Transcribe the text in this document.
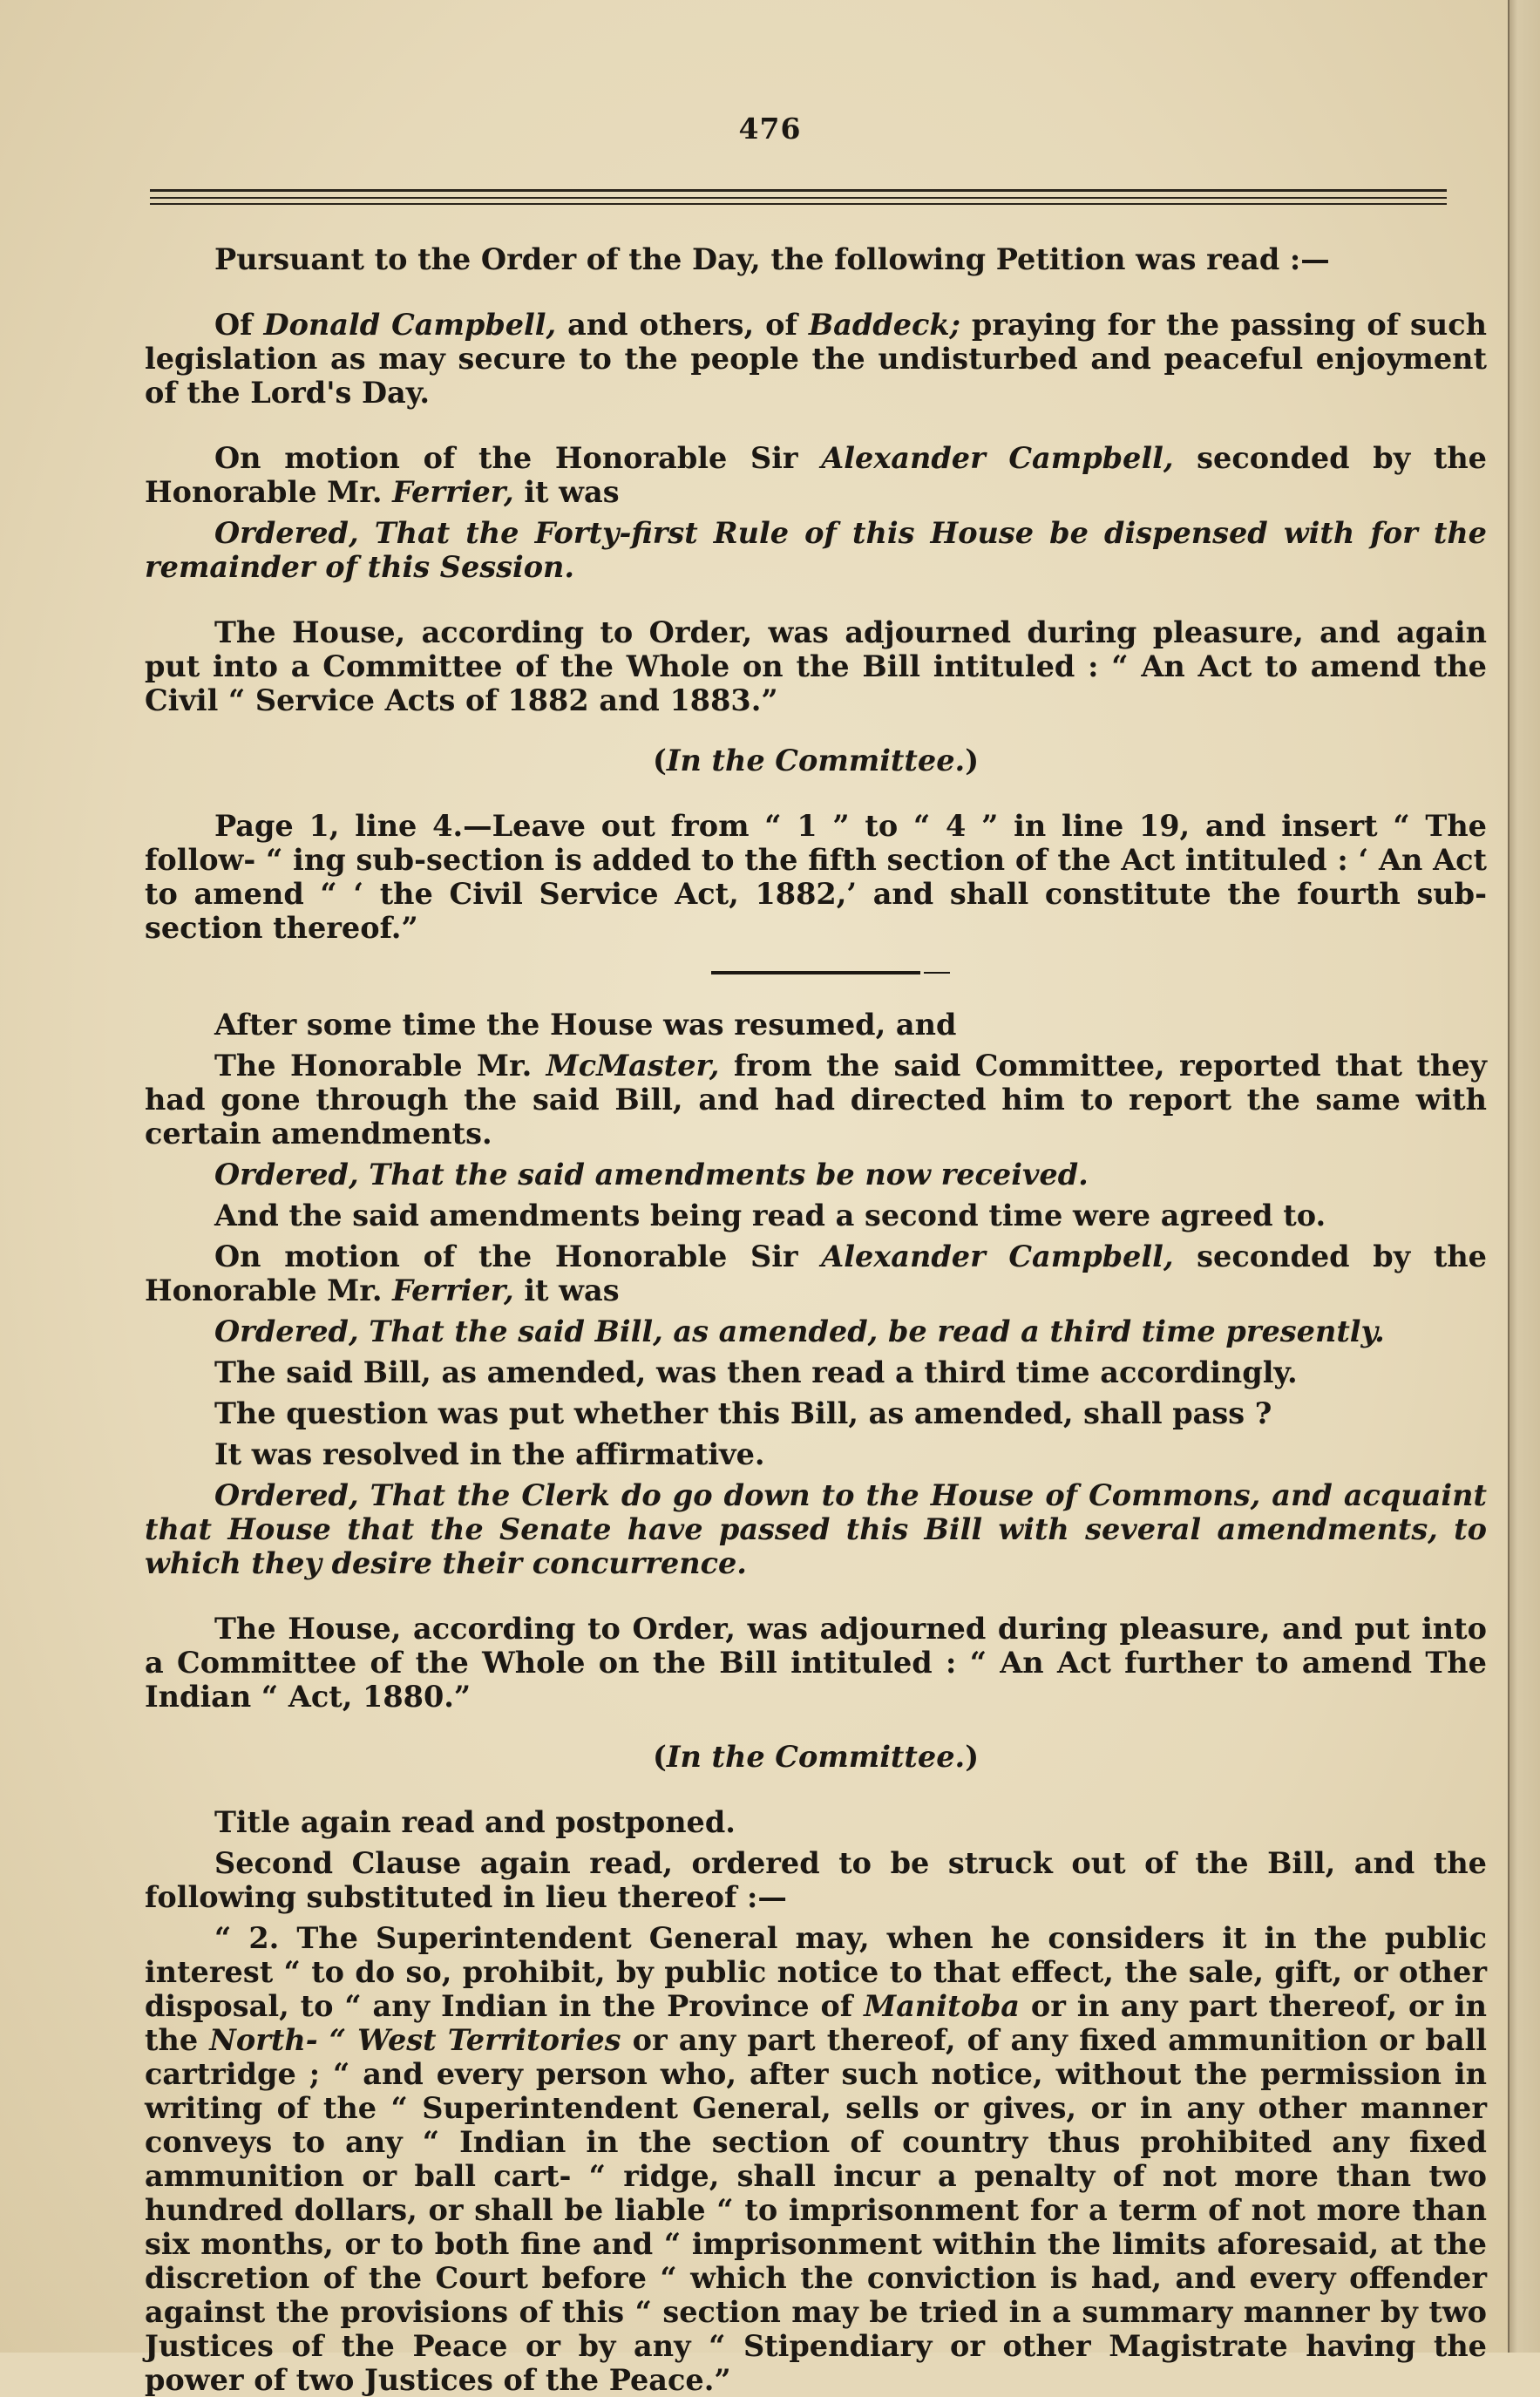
476

Pursuant to the Order of the Day, the following Petition was read :—

Of Donald Campbell, and others, of Baddeck; praying for the passing of such legislation as may secure to the people the undisturbed and peaceful enjoyment of the Lord's Day.

On motion of the Honorable Sir Alexander Campbell, seconded by the Honorable Mr. Ferrier, it was

Ordered, That the Forty-first Rule of this House be dispensed with for the remainder of this Session.

The House, according to Order, was adjourned during pleasure, and again put into a Committee of the Whole on the Bill intituled : “ An Act to amend the Civil “ Service Acts of 1882 and 1883.”

(In the Committee.)

Page 1, line 4.—Leave out from “ 1 ” to “ 4 ” in line 19, and insert “ The follow- “ ing sub-section is added to the fifth section of the Act intituled : ‘ An Act to amend “ ‘ the Civil Service Act, 1882,’ and shall constitute the fourth sub-section thereof.”

After some time the House was resumed, and

The Honorable Mr. McMaster, from the said Committee, reported that they had gone through the said Bill, and had directed him to report the same with certain amendments.

Ordered, That the said amendments be now received.

And the said amendments being read a second time were agreed to.

On motion of the Honorable Sir Alexander Campbell, seconded by the Honorable Mr. Ferrier, it was

Ordered, That the said Bill, as amended, be read a third time presently.

The said Bill, as amended, was then read a third time accordingly.

The question was put whether this Bill, as amended, shall pass ?

It was resolved in the affirmative.

Ordered, That the Clerk do go down to the House of Commons, and acquaint that House that the Senate have passed this Bill with several amendments, to which they desire their concurrence.

The House, according to Order, was adjourned during pleasure, and put into a Committee of the Whole on the Bill intituled : “ An Act further to amend The Indian “ Act, 1880.”

(In the Committee.)

Title again read and postponed.

Second Clause again read, ordered to be struck out of the Bill, and the following substituted in lieu thereof :—

“ 2. The Superintendent General may, when he considers it in the public interest “ to do so, prohibit, by public notice to that effect, the sale, gift, or other disposal, to “ any Indian in the Province of Manitoba or in any part thereof, or in the North- “ West Territories or any part thereof, of any fixed ammunition or ball cartridge ; “ and every person who, after such notice, without the permission in writing of the “ Superintendent General, sells or gives, or in any other manner conveys to any “ Indian in the section of country thus prohibited any fixed ammunition or ball cart- “ ridge, shall incur a penalty of not more than two hundred dollars, or shall be liable “ to imprisonment for a term of not more than six months, or to both fine and “ imprisonment within the limits aforesaid, at the discretion of the Court before “ which the conviction is had, and every offender against the provisions of this “ section may be tried in a summary manner by two Justices of the Peace or by any “ Stipendiary or other Magistrate having the power of two Justices of the Peace.”
